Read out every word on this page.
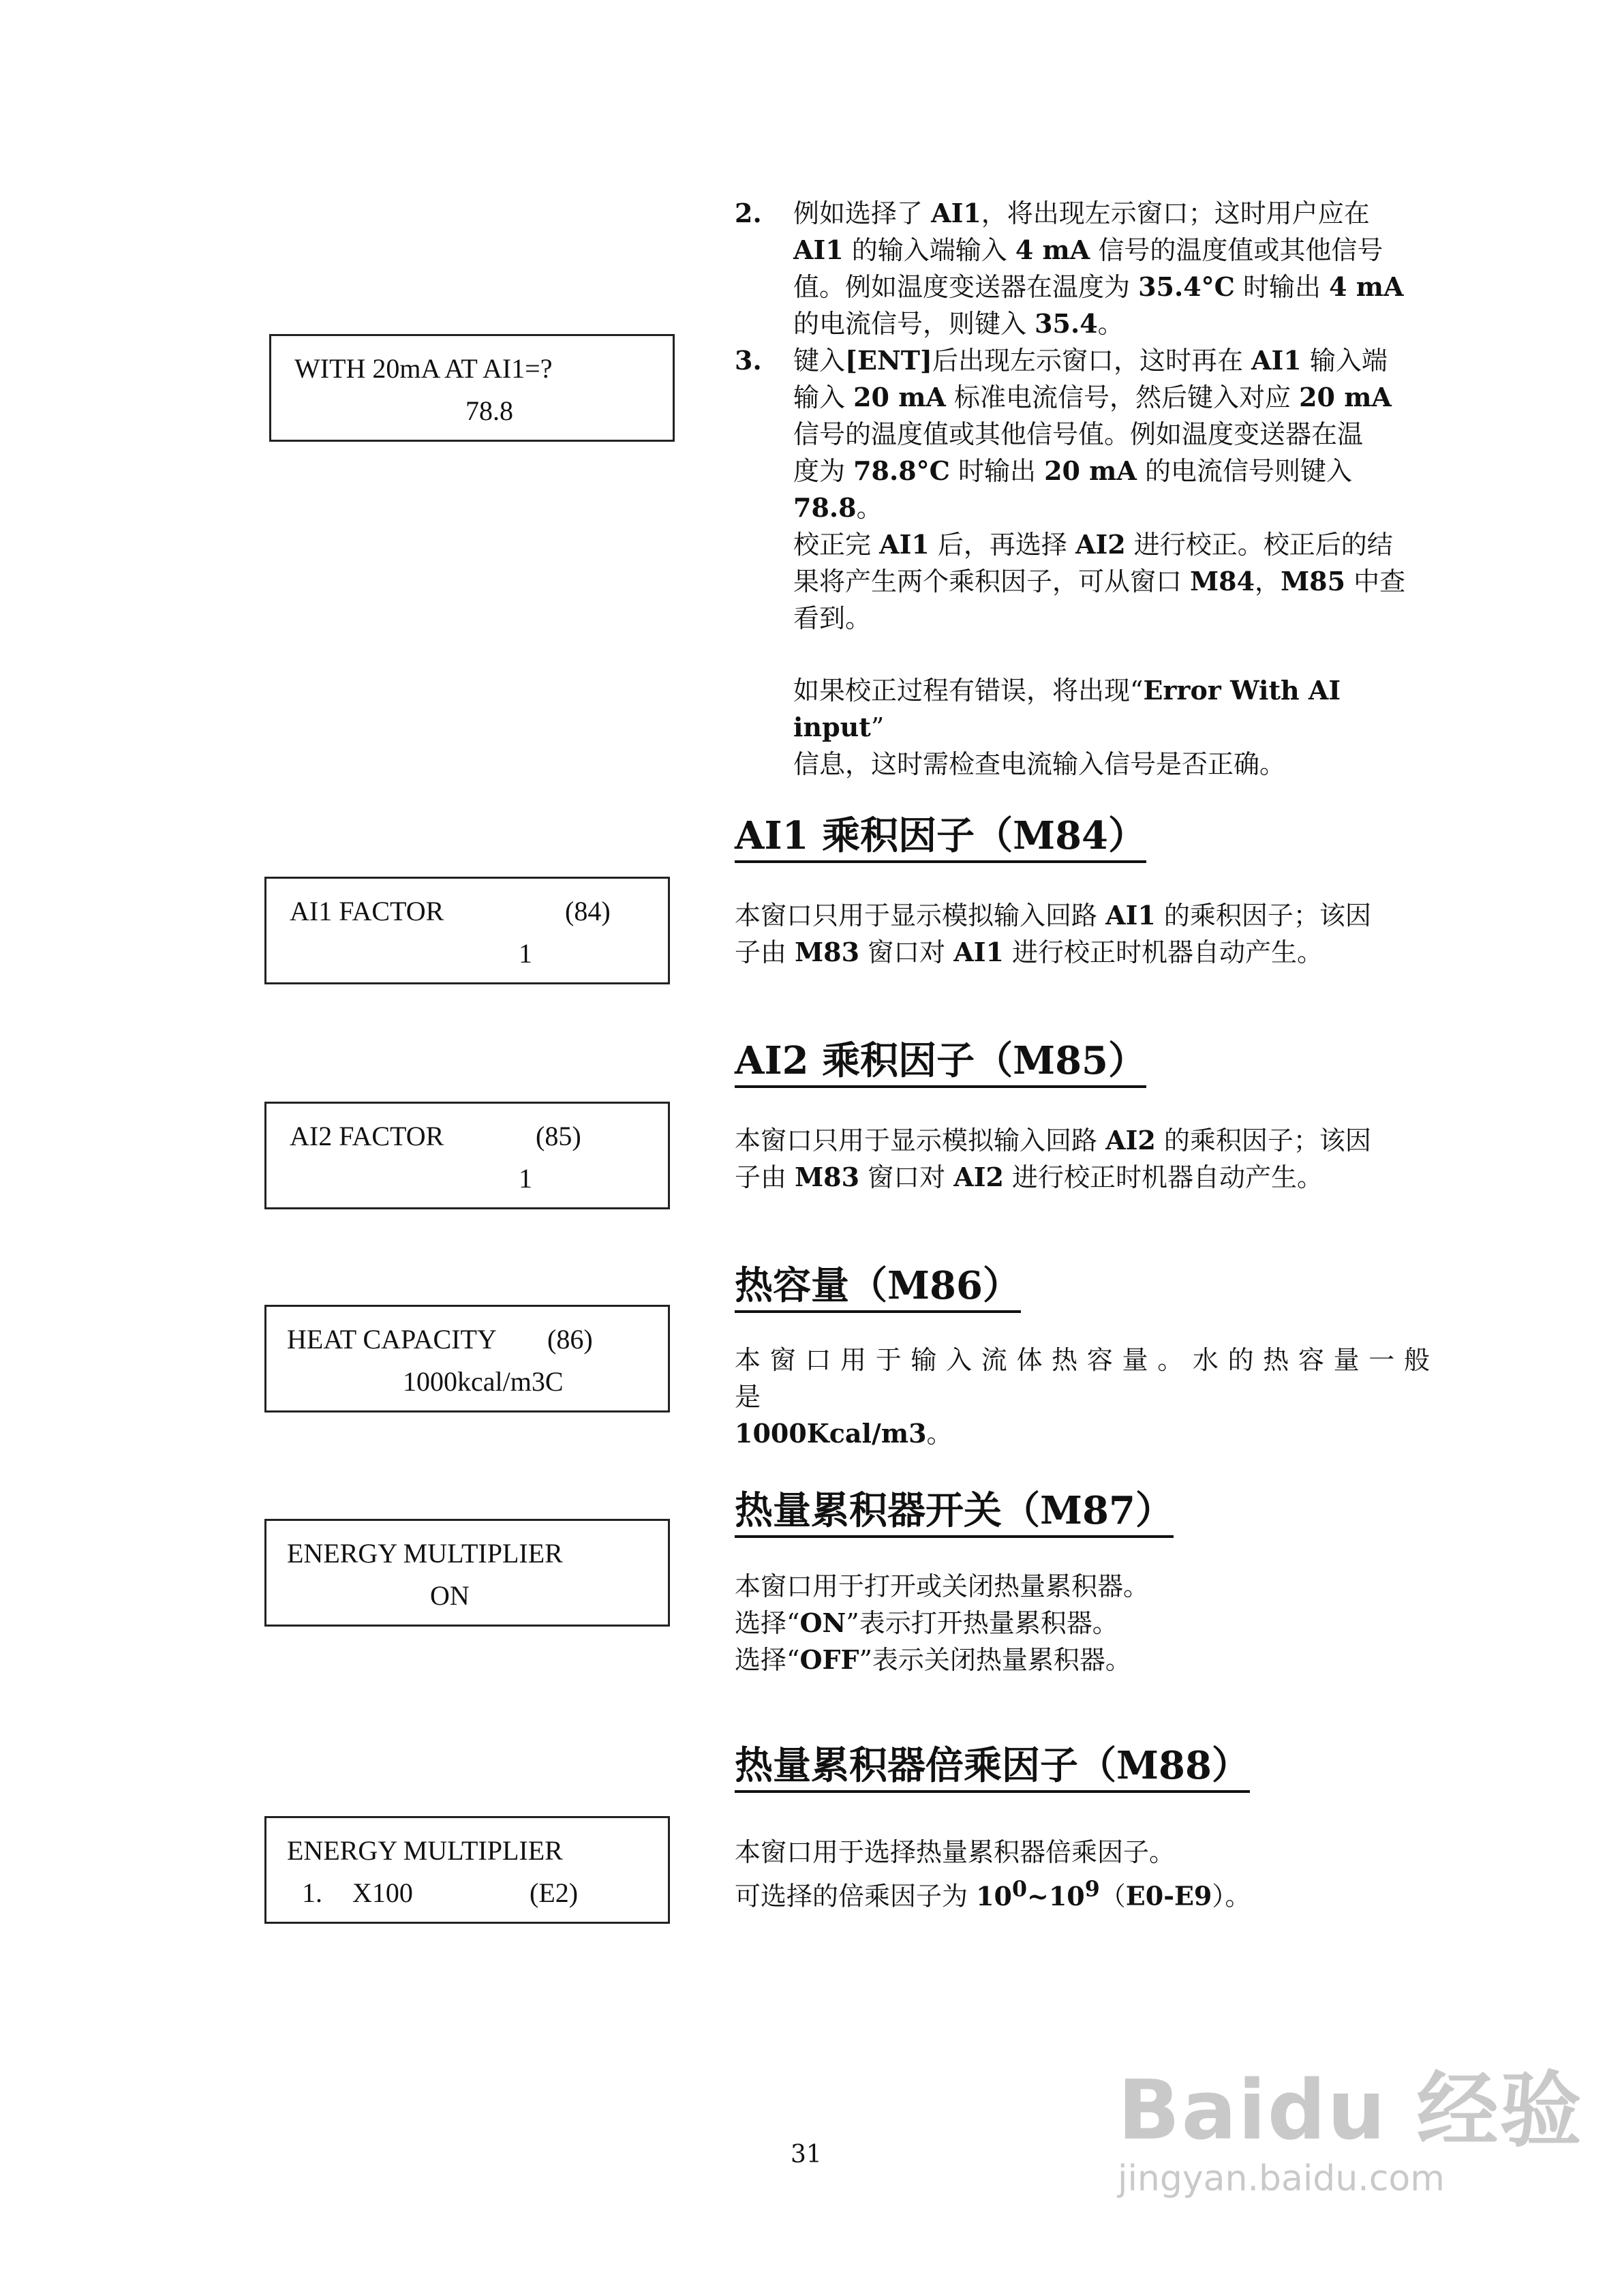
2. 例如选择了 AI1，将出现左示窗口；这时用户应在
AI1 的输入端输入 4 mA 信号的温度值或其他信号
值。例如温度变送器在温度为 35.4°C 时输出 4 mA
的电流信号，则键入 35.4。
WITH 20mA AT AI1=?
78.8
3. 键入[ENT]后出现左示窗口，这时再在 AI1 输入端
输入 20 mA 标准电流信号，然后键入对应 20 mA
信号的温度值或其他信号值。例如温度变送器在温
度为 78.8°C 时输出 20 mA 的电流信号则键入 78.8。
校正完 AI1 后，再选择 AI2 进行校正。校正后的结
果将产生两个乘积因子，可从窗口 M84，M85 中查
看到。
如果校正过程有错误，将出现“Error With AI
input”
信息，这时需检查电流输入信号是否正确。
AI1 乘积因子（M84）
AI1 FACTOR	(84)
1
本窗口只用于显示模拟输入回路 AI1 的乘积因子；该因
子由 M83 窗口对 AI1 进行校正时机器自动产生。
AI2 乘积因子（M85）
AI2 FACTOR	(85)
1
本窗口只用于显示模拟输入回路 AI2 的乘积因子；该因
子由 M83 窗口对 AI2 进行校正时机器自动产生。
热容量（M86）
HEAT CAPACITY (86)
1000kcal/m3C
本 窗 口 用 于 输 入 流 体 热 容 量 。 水 的 热 容 量 一 般 是
1000Kcal/m3。
热量累积器开关（M87）
ENERGY MULTIPLIER
ON	本窗口用于打开或关闭热量累积器。
选择“ON”表示打开热量累积器。
选择“OFF”表示关闭热量累积器。
热量累积器倍乘因子（M88）
ENERGY MULTIPLIER
1. X100	(E2)
本窗口用于选择热量累积器倍乘因子。
可选择的倍乘因子为 $10^0\sim 10^9(E0-E9)$。
31	Baidu 经验
jingyan.baidu.com
